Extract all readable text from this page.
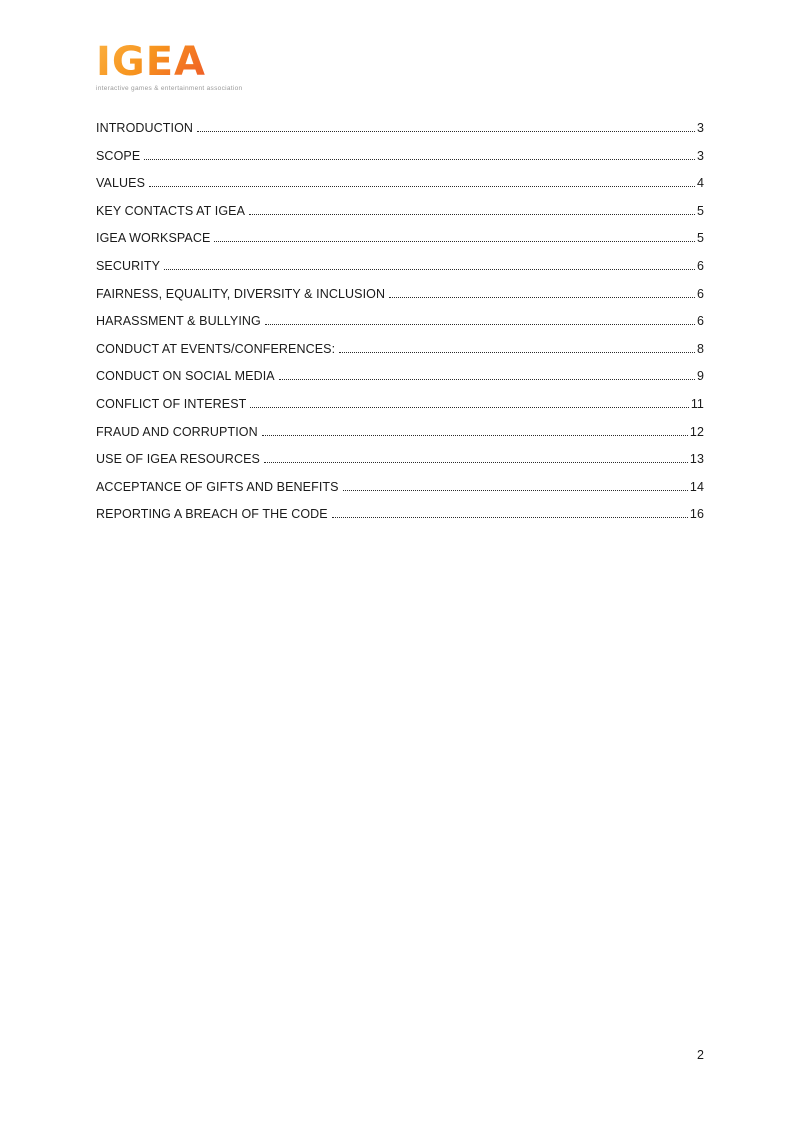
IGEA
interactive games & entertainment association
INTRODUCTION	3
SCOPE	3
VALUES	4
KEY CONTACTS AT IGEA	5
IGEA WORKSPACE	5
SECURITY	6
FAIRNESS, EQUALITY, DIVERSITY & INCLUSION	6
HARASSMENT & BULLYING	6
CONDUCT AT EVENTS/CONFERENCES:	8
CONDUCT ON SOCIAL MEDIA	9
CONFLICT OF INTEREST	11
FRAUD AND CORRUPTION	12
USE OF IGEA RESOURCES	13
ACCEPTANCE OF GIFTS AND BENEFITS	14
REPORTING A BREACH OF THE CODE	16
2
